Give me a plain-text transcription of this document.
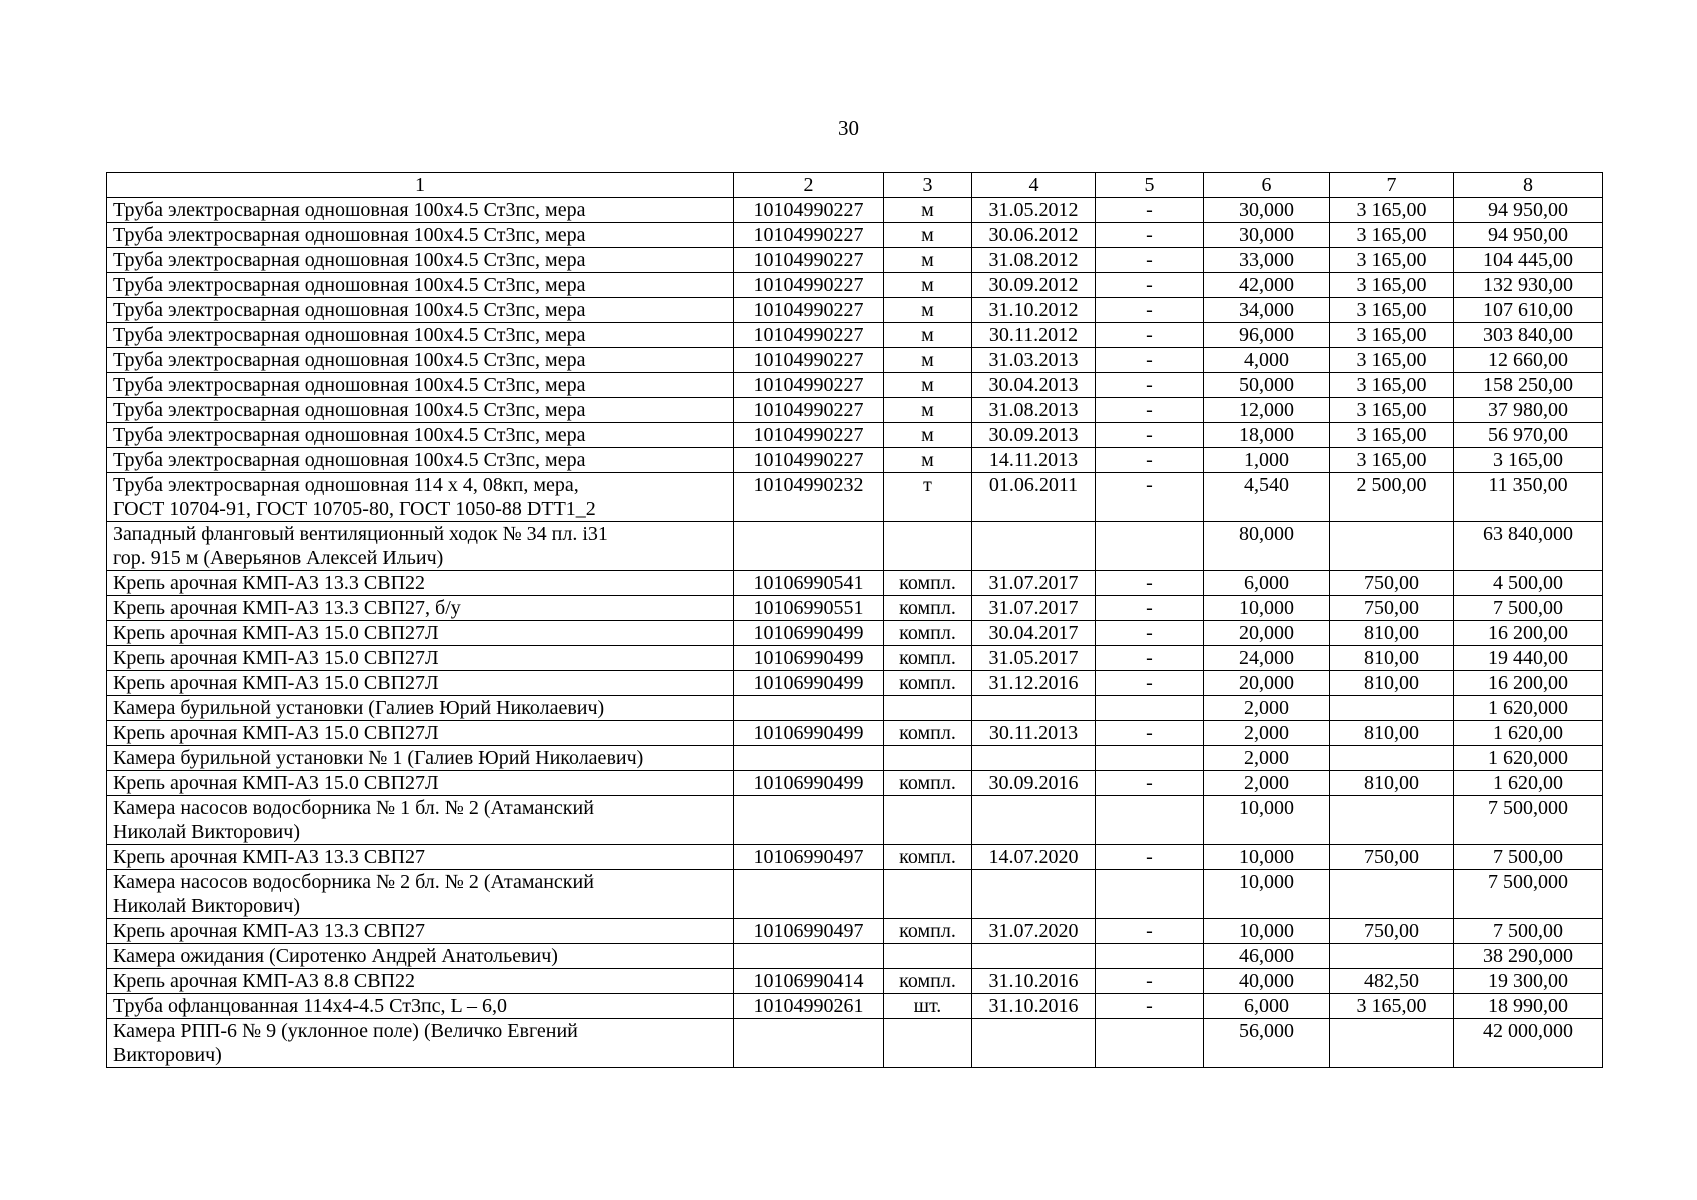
30
1	2	3	4	5	6	7	8
Труба электросварная одношовная 100х4.5 Ст3пс, мера	10104990227	м	31.05.2012	-	30,000	3 165,00	94 950,00
Труба электросварная одношовная 100х4.5 Ст3пс, мера	10104990227	м	30.06.2012	-	30,000	3 165,00	94 950,00
Труба электросварная одношовная 100х4.5 Ст3пс, мера	10104990227	м	31.08.2012	-	33,000	3 165,00	104 445,00
Труба электросварная одношовная 100х4.5 Ст3пс, мера	10104990227	м	30.09.2012	-	42,000	3 165,00	132 930,00
Труба электросварная одношовная 100х4.5 Ст3пс, мера	10104990227	м	31.10.2012	-	34,000	3 165,00	107 610,00
Труба электросварная одношовная 100х4.5 Ст3пс, мера	10104990227	м	30.11.2012	-	96,000	3 165,00	303 840,00
Труба электросварная одношовная 100х4.5 Ст3пс, мера	10104990227	м	31.03.2013	-	4,000	3 165,00	12 660,00
Труба электросварная одношовная 100х4.5 Ст3пс, мера	10104990227	м	30.04.2013	-	50,000	3 165,00	158 250,00
Труба электросварная одношовная 100х4.5 Ст3пс, мера	10104990227	м	31.08.2013	-	12,000	3 165,00	37 980,00
Труба электросварная одношовная 100х4.5 Ст3пс, мера	10104990227	м	30.09.2013	-	18,000	3 165,00	56 970,00
Труба электросварная одношовная 100х4.5 Ст3пс, мера	10104990227	м	14.11.2013	-	1,000	3 165,00	3 165,00
Труба электросварная одношовная 114 х 4, 08кп, мера,
ГОСТ 10704-91, ГОСТ 10705-80, ГОСТ 1050-88 DTT1_2	10104990232	т	01.06.2011	-	4,540	2 500,00	11 350,00
Западный фланговый вентиляционный ходок № 34 пл. i31
гор. 915 м (Аверьянов Алексей Ильич)					80,000		63 840,000
Крепь арочная КМП-А3 13.3 СВП22	10106990541	компл.	31.07.2017	-	6,000	750,00	4 500,00
Крепь арочная КМП-А3 13.3 СВП27, б/у	10106990551	компл.	31.07.2017	-	10,000	750,00	7 500,00
Крепь арочная КМП-А3 15.0 СВП27Л	10106990499	компл.	30.04.2017	-	20,000	810,00	16 200,00
Крепь арочная КМП-А3 15.0 СВП27Л	10106990499	компл.	31.05.2017	-	24,000	810,00	19 440,00
Крепь арочная КМП-А3 15.0 СВП27Л	10106990499	компл.	31.12.2016	-	20,000	810,00	16 200,00
Камера бурильной установки (Галиев Юрий Николаевич)					2,000		1 620,000
Крепь арочная КМП-А3 15.0 СВП27Л	10106990499	компл.	30.11.2013	-	2,000	810,00	1 620,00
Камера бурильной установки № 1 (Галиев Юрий Николаевич)					2,000		1 620,000
Крепь арочная КМП-А3 15.0 СВП27Л	10106990499	компл.	30.09.2016	-	2,000	810,00	1 620,00
Камера насосов водосборника № 1 бл. № 2 (Атаманский
Николай Викторович)					10,000		7 500,000
Крепь арочная КМП-А3 13.3 СВП27	10106990497	компл.	14.07.2020	-	10,000	750,00	7 500,00
Камера насосов водосборника № 2 бл. № 2 (Атаманский
Николай Викторович)					10,000		7 500,000
Крепь арочная КМП-А3 13.3 СВП27	10106990497	компл.	31.07.2020	-	10,000	750,00	7 500,00
Камера ожидания (Сиротенко Андрей Анатольевич)					46,000		38 290,000
Крепь арочная КМП-А3 8.8 СВП22	10106990414	компл.	31.10.2016	-	40,000	482,50	19 300,00
Труба офланцованная 114х4-4.5 Ст3пс, L – 6,0	10104990261	шт.	31.10.2016	-	6,000	3 165,00	18 990,00
Камера РПП-6 № 9 (уклонное поле) (Величко Евгений
Викторович)					56,000		42 000,000
